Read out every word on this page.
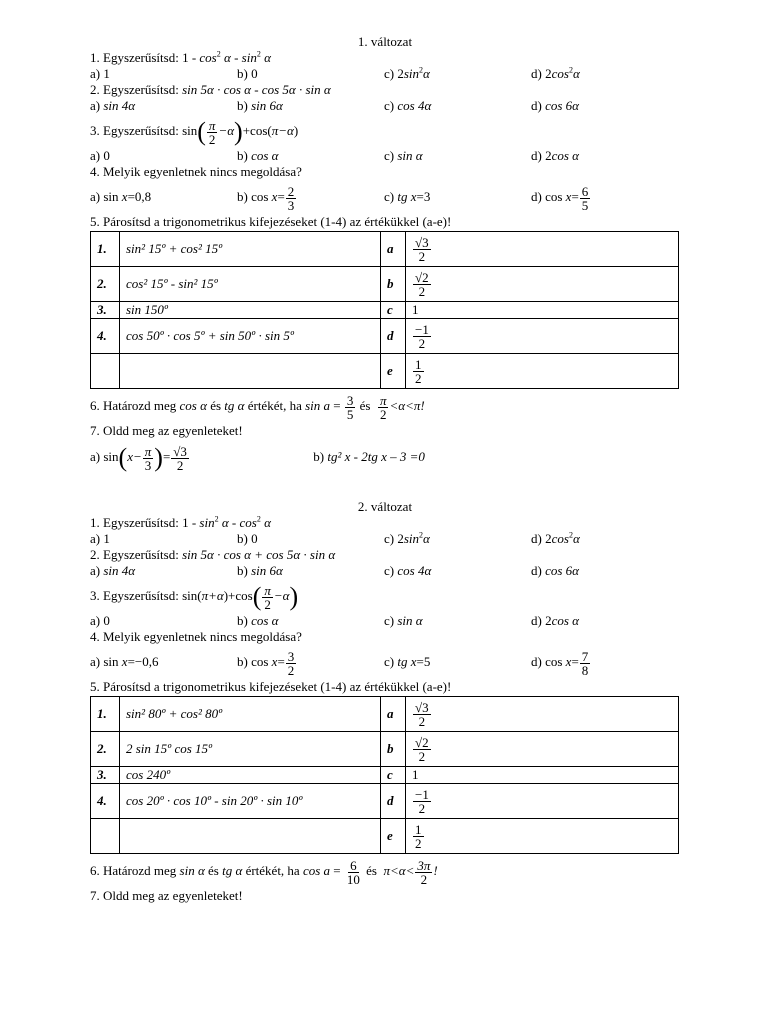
1. változat
1. Egyszerűsítsd: $1 - \cos^2 \alpha - \sin^2 \alpha$
a) 1	b) 0	c) $2\sin^2\alpha$	d) $2\cos^2\alpha$
2. Egyszerűsítsd: sin 5α · cos α - cos 5α · sin α
a) sin 4α	b) sin 6α	c) cos 4α	d) cos 6α
3. Egyszerűsítsd: $\sin( \frac{\pi}{2} -\alpha)+\cos(\pi-\alpha)$
a) 0	b) cos α	c) sin α	d) 2cos α
4. Melyik egyenletnek nincs megoldása?
a) sin x=0,8	b) $\cos x= \frac{2}{3}$	c) tg x=3	d) $\cos x= \frac{6}{5}$
5. Párosítsd a trigonometrikus kifejezéseket (1-4) az értékükkel (a-e)!
1.	sin² 15º + cos² 15º	a	$\frac{√3}{2}$

2.	cos² 15º - sin² 15º	b	$\frac{√2}{2}$

3.	sin 150º	c	1
4.	cos 50º · cos 5º + sin 50º · sin 5º	d	$\frac{-1}{2}$

		e	$\frac{1}{2}$
6. Határozd meg cos α és tg α értékét, ha $\sin a = \frac{3}{5}$ és $\frac{\pi}{2} <\alpha<\pi$!
7. Oldd meg az egyenleteket!
a) $\sin(x- \frac{\pi}{3}$ )= $\frac{√3}{2}$	b) tg² x - 2tg x – 3 =0
2. változat
1. Egyszerűsítsd: $1 - \sin^2 \alpha - \cos^2 \alpha$
a) 1	b) 0	c) $2\sin^2\alpha$	d) $2\cos^2\alpha$
2. Egyszerűsítsd: sin 5α · cos α + cos 5α · sin α
a) sin 4α	b) sin 6α	c) cos 4α	d) cos 6α
3. Egyszerűsítsd: $\sin(\pi+\alpha)+\cos( \frac{\pi}{2} -\alpha)$
a) 0	b) cos α	c) sin α	d) 2cos α
4. Melyik egyenletnek nincs megoldása?
a) sin x=−0,6	b) $\cos x= \frac{3}{2}$	c) tg x=5	d) $\cos x= \frac{7}{8}$
5. Párosítsd a trigonometrikus kifejezéseket (1-4) az értékükkel (a-e)!
1.	sin² 80º + cos² 80º	a	$\frac{√3}{2}$

2.	2 sin 15º cos 15º	b	$\frac{√2}{2}$

3.	cos 240º	c	1
4.	cos 20º · cos 10º - sin 20º · sin 10º	d	$\frac{-1}{2}$

		e	$\frac{1}{2}$
6. Határozd meg sin α és tg α értékét, ha $\cos a = \frac{6}{10}$ és  $\pi<\alpha< \frac{3\pi}{2}$ !
7. Oldd meg az egyenleteket!
